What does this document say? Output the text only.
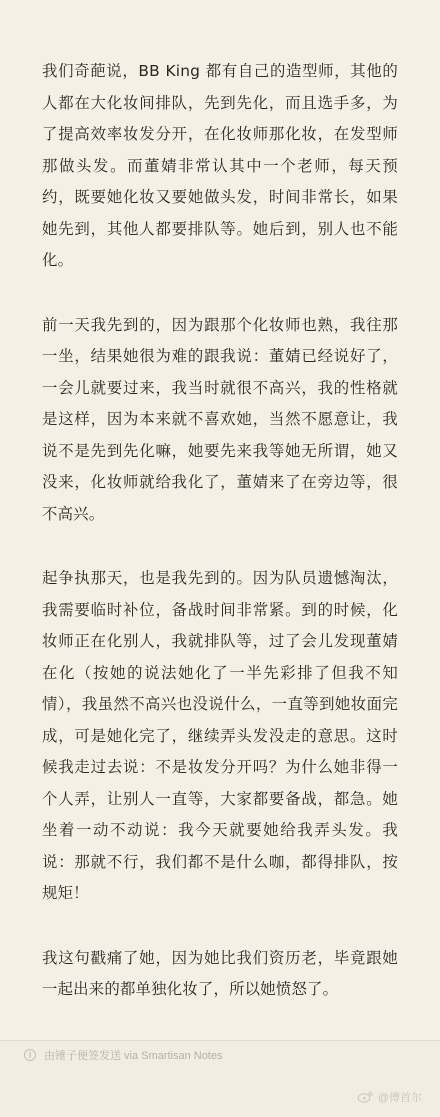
我们奇葩说，BB King 都有自己的造型师，其他的人都在大化妆间排队，先到先化，而且选手多，为了提高效率妆发分开，在化妆师那化妆，在发型师那做头发。而董婧非常认其中一个老师，每天预约，既要她化妆又要她做头发，时间非常长，如果她先到，其他人都要排队等。她后到，别人也不能化。

前一天我先到的，因为跟那个化妆师也熟，我往那一坐，结果她很为难的跟我说：董婧已经说好了，一会儿就要过来，我当时就很不高兴，我的性格就是这样，因为本来就不喜欢她，当然不愿意让，我说不是先到先化嘛，她要先来我等她无所谓，她又没来，化妆师就给我化了，董婧来了在旁边等，很不高兴。

起争执那天，也是我先到的。因为队员遗憾淘汰，我需要临时补位，备战时间非常紧。到的时候，化妆师正在化别人，我就排队等，过了会儿发现董婧在化（按她的说法她化了一半先彩排了但我不知情），我虽然不高兴也没说什么，一直等到她妆面完成，可是她化完了，继续弄头发没走的意思。这时候我走过去说：不是妆发分开吗？为什么她非得一个人弄，让别人一直等，大家都要备战，都急。她坐着一动不动说：我今天就要她给我弄头发。我说：那就不行，我们都不是什么咖，都得排队，按规矩！

我这句戳痛了她，因为她比我们资历老，毕竟跟她一起出来的都单独化妆了，所以她愤怒了。

i	由锤子便签发送 via Smartisan Notes
@傅首尔
